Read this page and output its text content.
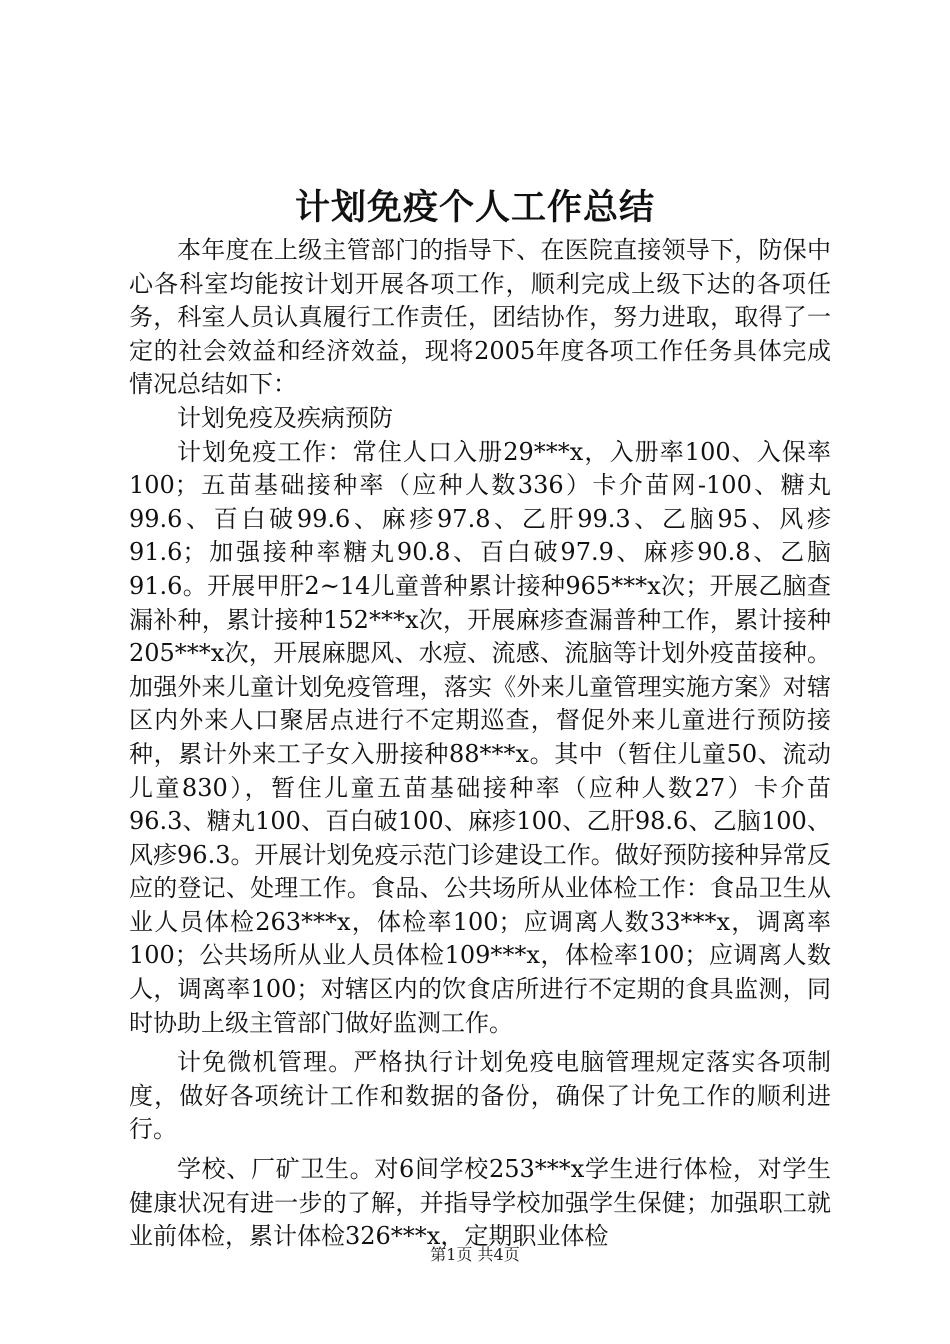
计划免疫个人工作总结

本年度在上级主管部门的指导下、在医院直接领导下，防保中心各科室均能按计划开展各项工作，顺利完成上级下达的各项任务，科室人员认真履行工作责任，团结协作，努力进取，取得了一定的社会效益和经济效益，现将2005年度各项工作任务具体完成情况总结如下：

计划免疫及疾病预防

计划免疫工作：常住人口入册29***x，入册率100、入保率100；五苗基础接种率（应种人数336）卡介苗网-100、糖丸99.6、百白破99.6、麻疹97.8、乙肝99.3、乙脑95、风疹91.6；加强接种率糖丸90.8、百白破97.9、麻疹90.8、乙脑91.6。开展甲肝2~14儿童普种累计接种965***x次；开展乙脑查漏补种，累计接种152***x次，开展麻疹查漏普种工作，累计接种205***x次，开展麻腮风、水痘、流感、流脑等计划外疫苗接种。加强外来儿童计划免疫管理，落实《外来儿童管理实施方案》对辖区内外来人口聚居点进行不定期巡查，督促外来儿童进行预防接种，累计外来工子女入册接种88***x。其中（暂住儿童50、流动儿童830），暂住儿童五苗基础接种率（应种人数27）卡介苗96.3、糖丸100、百白破100、麻疹100、乙肝98.6、乙脑100、风疹96.3。开展计划免疫示范门诊建设工作。做好预防接种异常反应的登记、处理工作。食品、公共场所从业体检工作：食品卫生从业人员体检263***x，体检率100；应调离人数33***x，调离率100；公共场所从业人员体检109***x，体检率100；应调离人数人，调离率100；对辖区内的饮食店所进行不定期的食具监测，同时协助上级主管部门做好监测工作。

计免微机管理。严格执行计划免疫电脑管理规定落实各项制度，做好各项统计工作和数据的备份，确保了计免工作的顺利进行。

学校、厂矿卫生。对6间学校253***x学生进行体检，对学生健康状况有进一步的了解，并指导学校加强学生保健；加强职工就业前体检，累计体检326***x，定期职业体检

第1页 共4页
